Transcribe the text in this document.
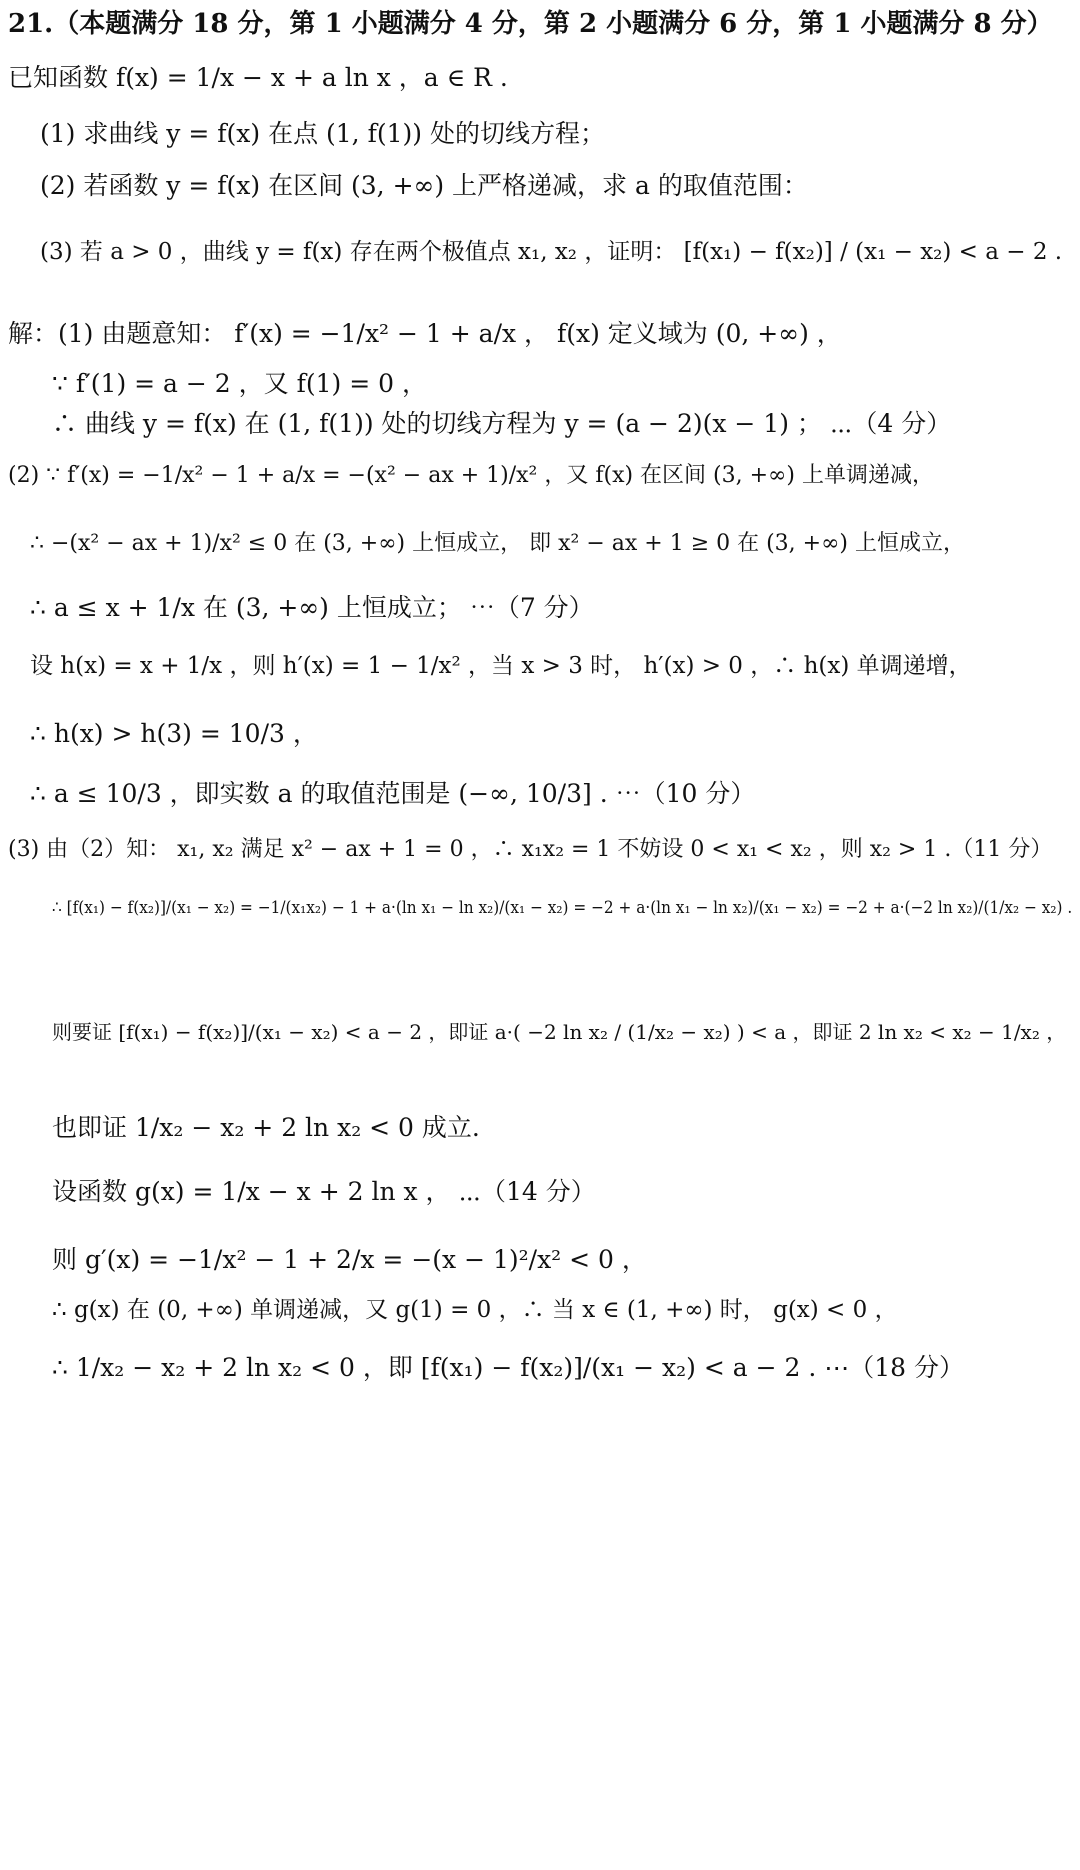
21.（本题满分 18 分，第 1 小题满分 4 分，第 2 小题满分 6 分，第 1 小题满分 8 分）
已知函数 f(x) = 1/x − x + a ln x ，a ∈ R .
(1) 求曲线 y = f(x) 在点 (1, f(1)) 处的切线方程；
(2) 若函数 y = f(x) 在区间 (3, +∞) 上严格递减，求 a 的取值范围：
(3) 若 a > 0 ，曲线 y = f(x) 存在两个极值点 x₁, x₂ ，证明： [f(x₁) − f(x₂)] / (x₁ − x₂) < a − 2 .
解：(1) 由题意知： f′(x) = −1/x² − 1 + a/x ， f(x) 定义域为 (0, +∞) ，
∵ f′(1) = a − 2 ，又 f(1) = 0 ，
∴ 曲线 y = f(x) 在 (1, f(1)) 处的切线方程为 y = (a − 2)(x − 1) ； ⋯（4 分）
(2) ∵ f′(x) = −1/x² − 1 + a/x = −(x² − ax + 1)/x² ，又 f(x) 在区间 (3, +∞) 上单调递减，
∴ −(x² − ax + 1)/x² ≤ 0 在 (3, +∞) 上恒成立， 即 x² − ax + 1 ≥ 0 在 (3, +∞) 上恒成立，
∴ a ≤ x + 1/x 在 (3, +∞) 上恒成立； ⋯（7 分）
设 h(x) = x + 1/x ，则 h′(x) = 1 − 1/x² ，当 x > 3 时， h′(x) > 0 ，∴ h(x) 单调递增，
∴ h(x) > h(3) = 10/3 ，
∴ a ≤ 10/3 ，即实数 a 的取值范围是 (−∞, 10/3] . ⋯（10 分）
(3) 由（2）知： x₁, x₂ 满足 x² − ax + 1 = 0 ，∴ x₁x₂ = 1 不妨设 0 < x₁ < x₂ ，则 x₂ > 1 .（11 分）
∴ [f(x₁) − f(x₂)]/(x₁ − x₂) = −1/(x₁x₂) − 1 + a·(ln x₁ − ln x₂)/(x₁ − x₂) = −2 + a·(ln x₁ − ln x₂)/(x₁ − x₂) = −2 + a·(−2 ln x₂)/(1/x₂ − x₂) .
则要证 [f(x₁) − f(x₂)]/(x₁ − x₂) < a − 2 ，即证 a·( −2 ln x₂ / (1/x₂ − x₂) ) < a ，即证 2 ln x₂ < x₂ − 1/x₂ ，
也即证 1/x₂ − x₂ + 2 ln x₂ < 0 成立.
设函数 g(x) = 1/x − x + 2 ln x ， ⋯（14 分）
则 g′(x) = −1/x² − 1 + 2/x = −(x − 1)²/x² < 0 ，
∴ g(x) 在 (0, +∞) 单调递减，又 g(1) = 0 ，∴ 当 x ∈ (1, +∞) 时， g(x) < 0 ，
∴ 1/x₂ − x₂ + 2 ln x₂ < 0 ，即 [f(x₁) − f(x₂)]/(x₁ − x₂) < a − 2 . ⋯（18 分）
